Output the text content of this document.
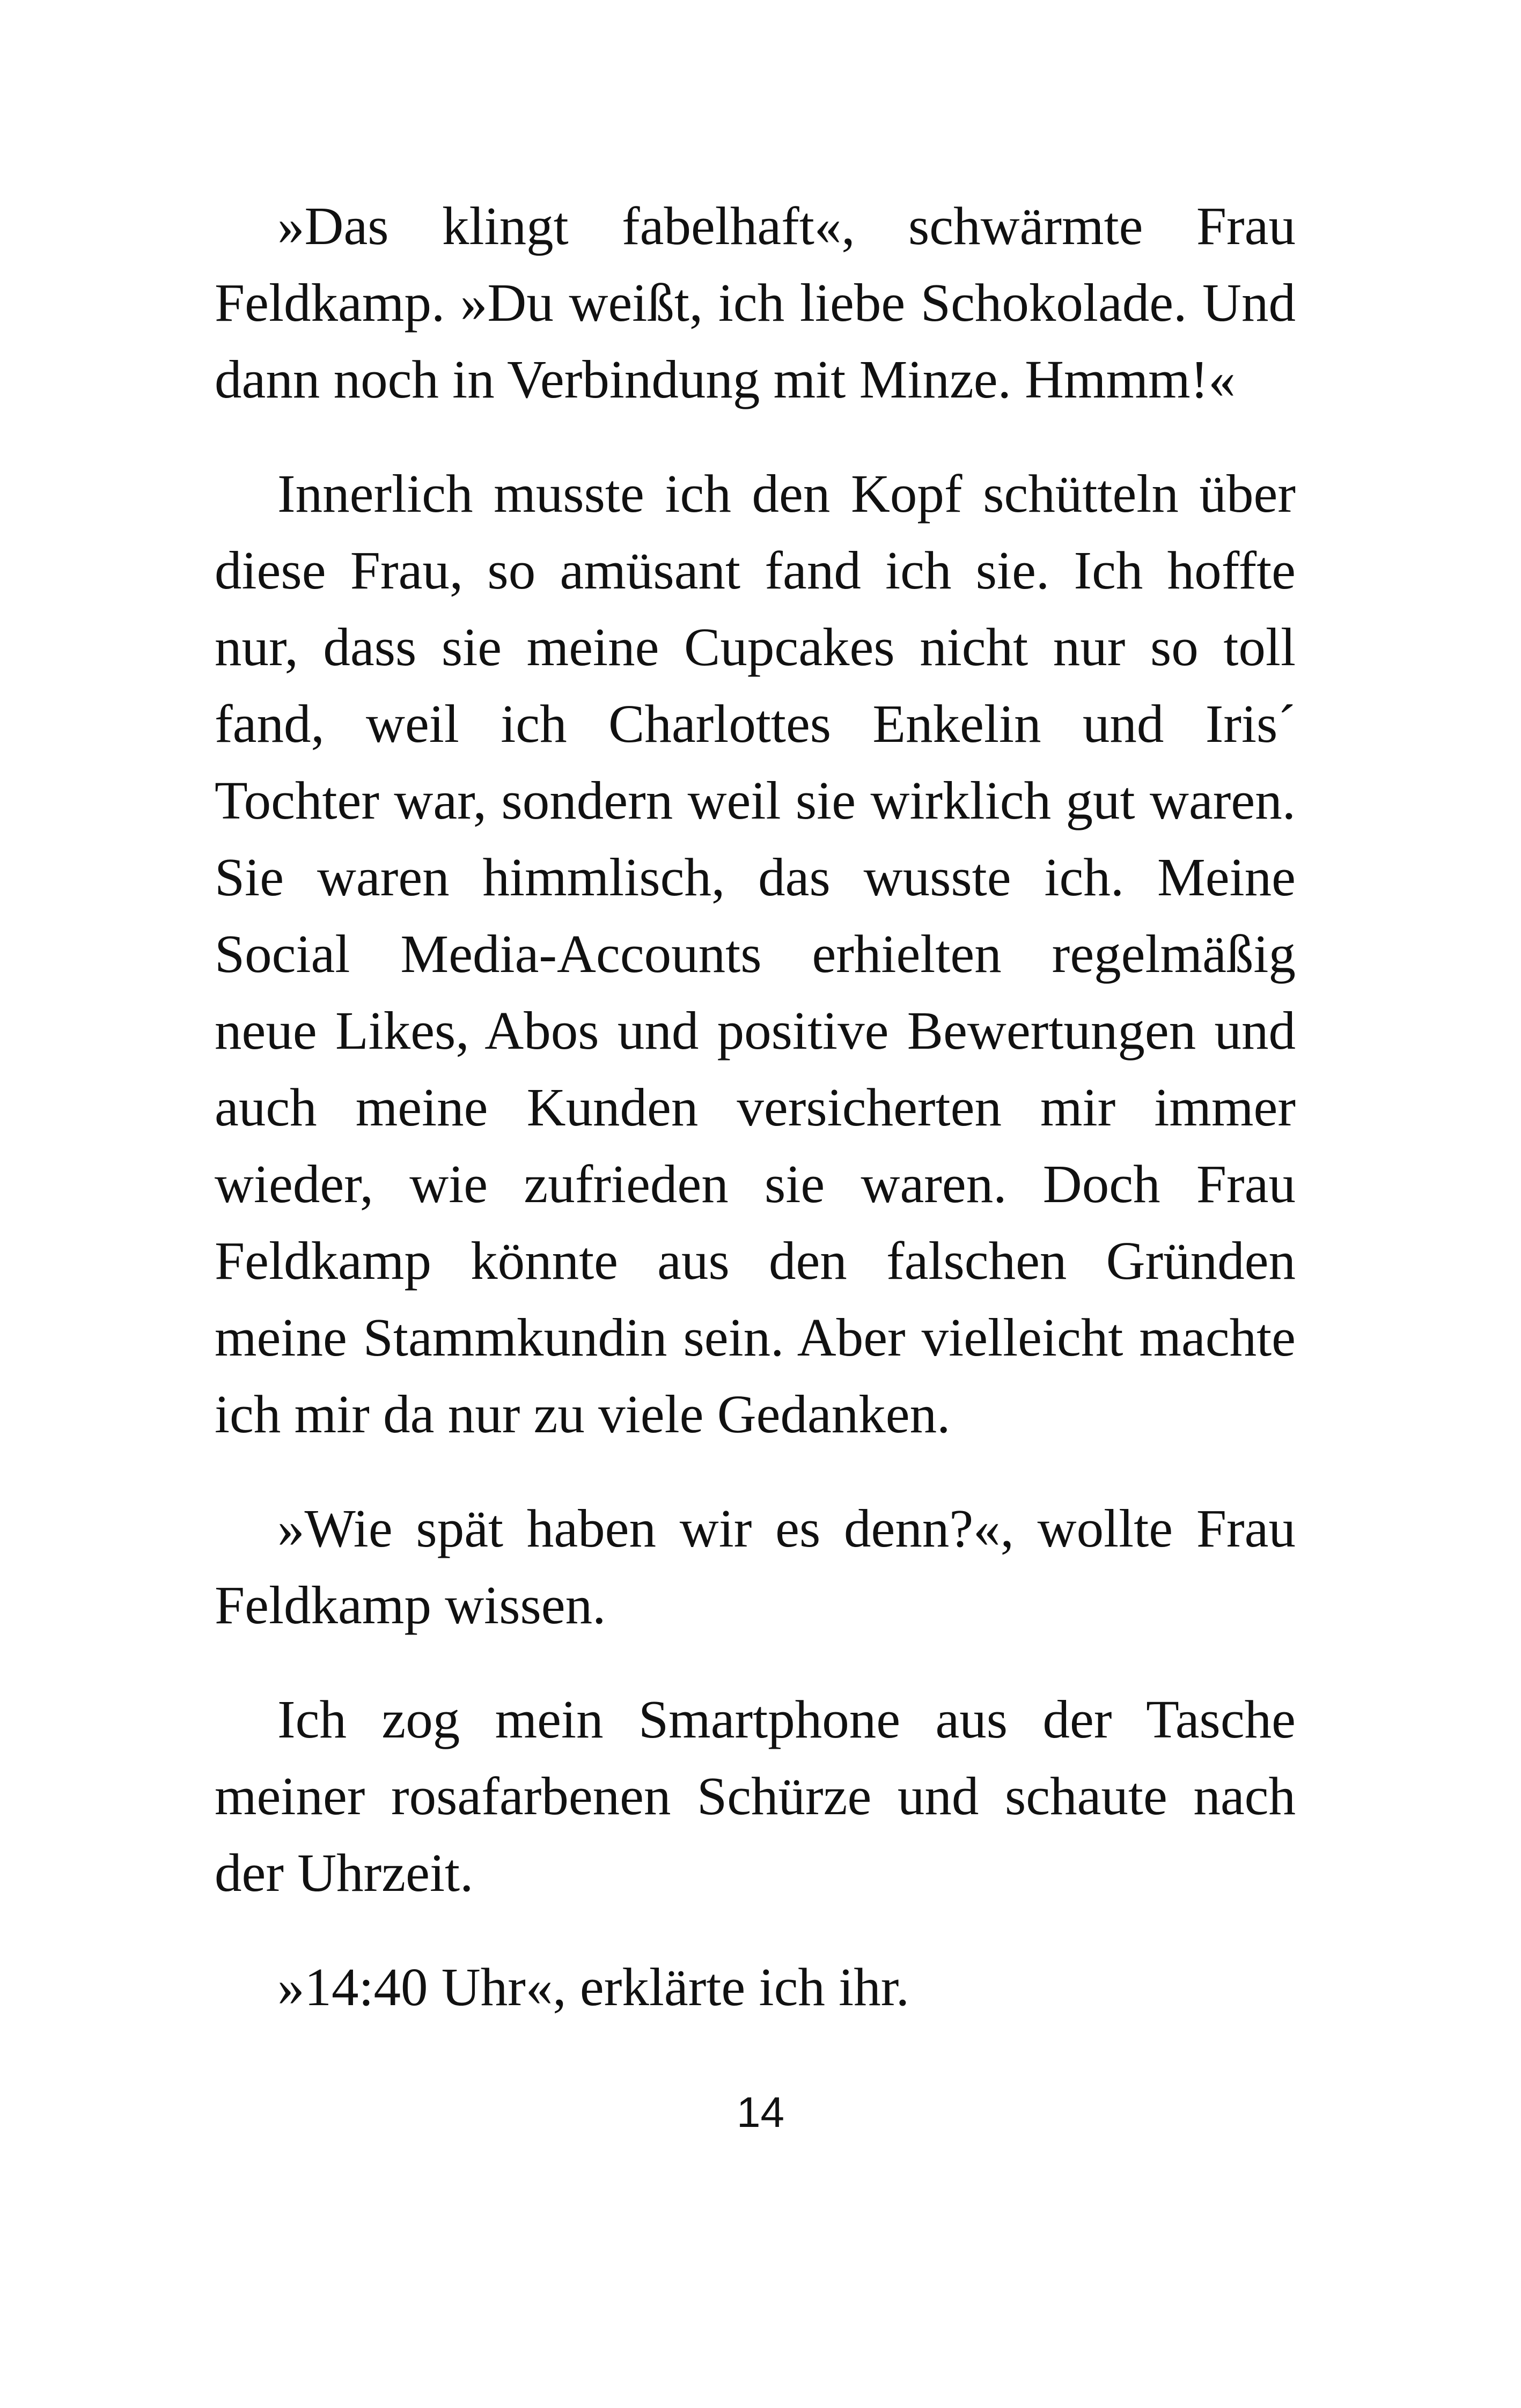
»Das klingt fabelhaft«, schwärmte Frau Feldkamp. »Du weißt, ich liebe Schokolade. Und dann noch in Verbindung mit Minze. Hmmm!«

Innerlich musste ich den Kopf schütteln über diese Frau, so amüsant fand ich sie. Ich hoffte nur, dass sie meine Cupcakes nicht nur so toll fand, weil ich Charlottes Enkelin und Iris´ Tochter war, sondern weil sie wirklich gut waren. Sie waren himmlisch, das wusste ich. Meine Social Media-Accounts erhielten regelmäßig neue Likes, Abos und positive Bewertungen und auch meine Kunden versicherten mir immer wieder, wie zufrieden sie waren. Doch Frau Feldkamp könnte aus den falschen Gründen meine Stammkundin sein. Aber vielleicht machte ich mir da nur zu viele Gedanken.

»Wie spät haben wir es denn?«, wollte Frau Feldkamp wissen.

Ich zog mein Smartphone aus der Tasche meiner rosafarbenen Schürze und schaute nach der Uhrzeit.

»14:40 Uhr«, erklärte ich ihr.

14
